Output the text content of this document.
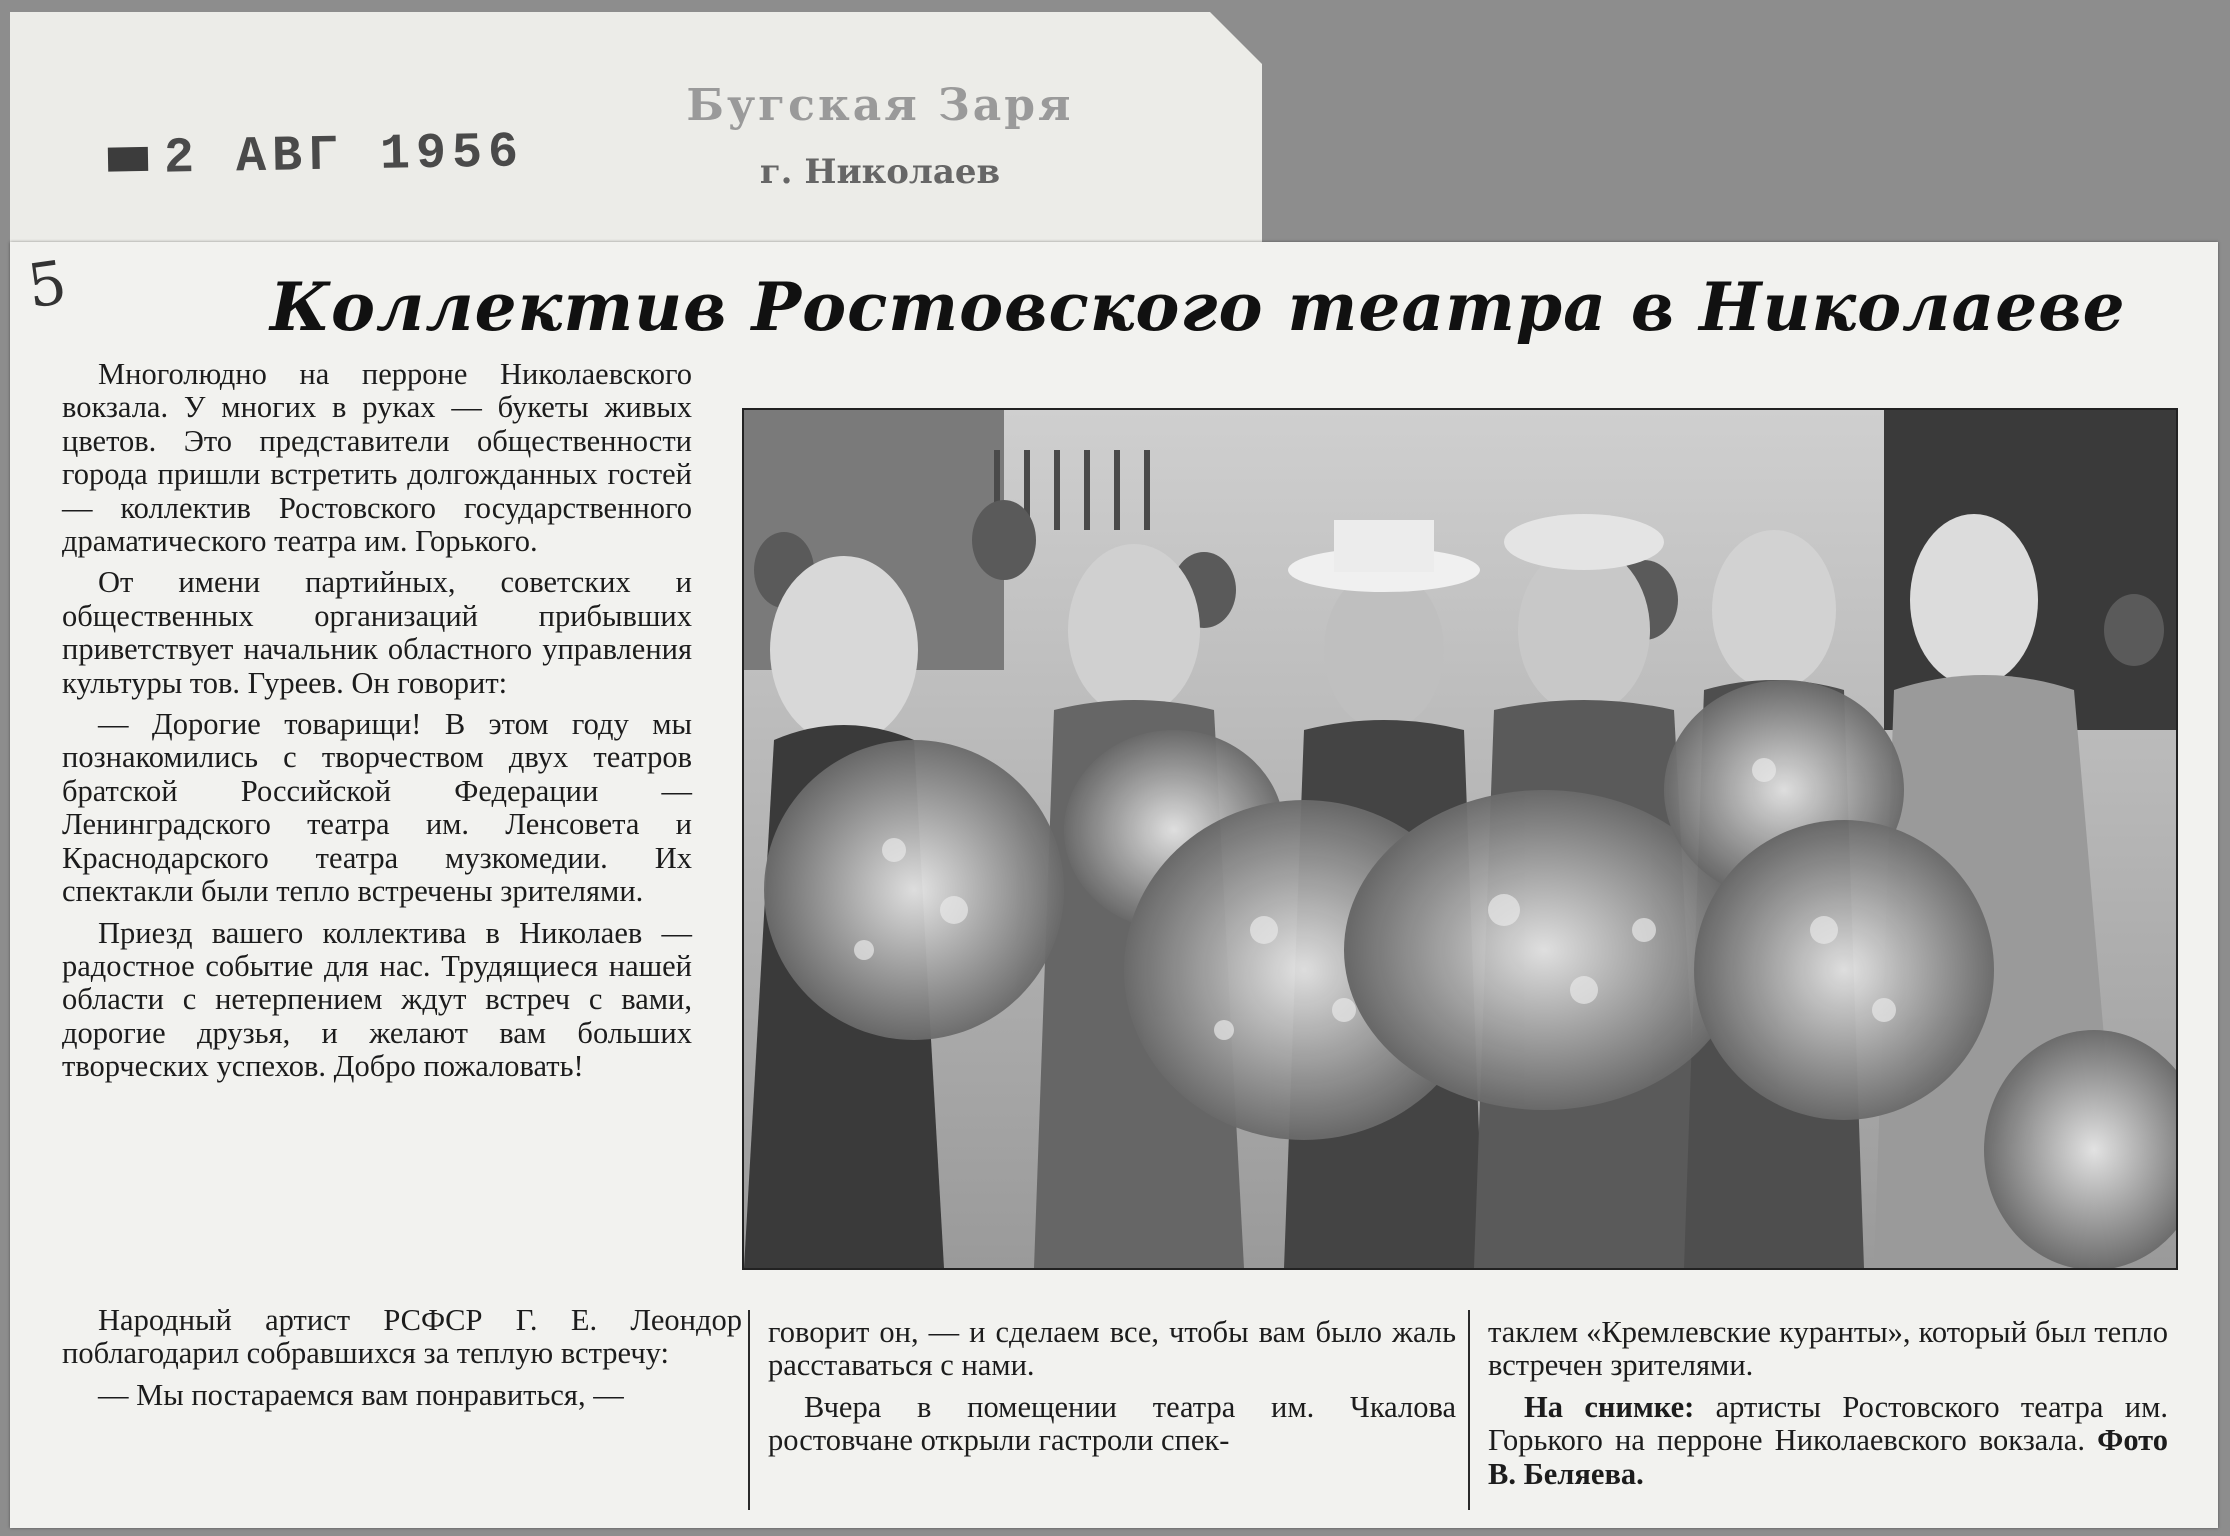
2 АВГ 1956
Бугская Заря
г. Николаев
5	Коллектив Ростовского театра в Николаеве

Многолюдно на перроне Николаевского вокзала. У многих в руках — букеты живых цветов. Это представители общественности города пришли встретить долгожданных гостей — коллектив Ростовского государственного драматического театра им. Горького.

От имени партийных, советских и общественных организаций прибывших приветствует начальник областного управления культуры тов. Гуреев. Он говорит:

— Дорогие товарищи! В этом году мы познакомились с творчеством двух театров братской Российской Федерации — Ленинградского театра им. Ленсовета и Краснодарского театра музкомедии. Их спектакли были тепло встречены зрителями.

Приезд вашего коллектива в Николаев — радостное событие для нас. Трудящиеся нашей области с нетерпением ждут встреч с вами, дорогие друзья, и желают вам больших творческих успехов. Добро пожаловать!

Народный артист РСФСР Г. Е. Леондор поблагодарил собравшихся за теплую встречу:

— Мы постараемся вам понравиться, —

говорит он, — и сделаем все, чтобы вам было жаль расставаться с нами.

Вчера в помещении театра им. Чкалова ростовчане открыли гастроли спек-

таклем «Кремлевские куранты», который был тепло встречен зрителями.

На снимке: артисты Ростовского театра им. Горького на перроне Николаевского вокзала. Фото В. Беляева.
